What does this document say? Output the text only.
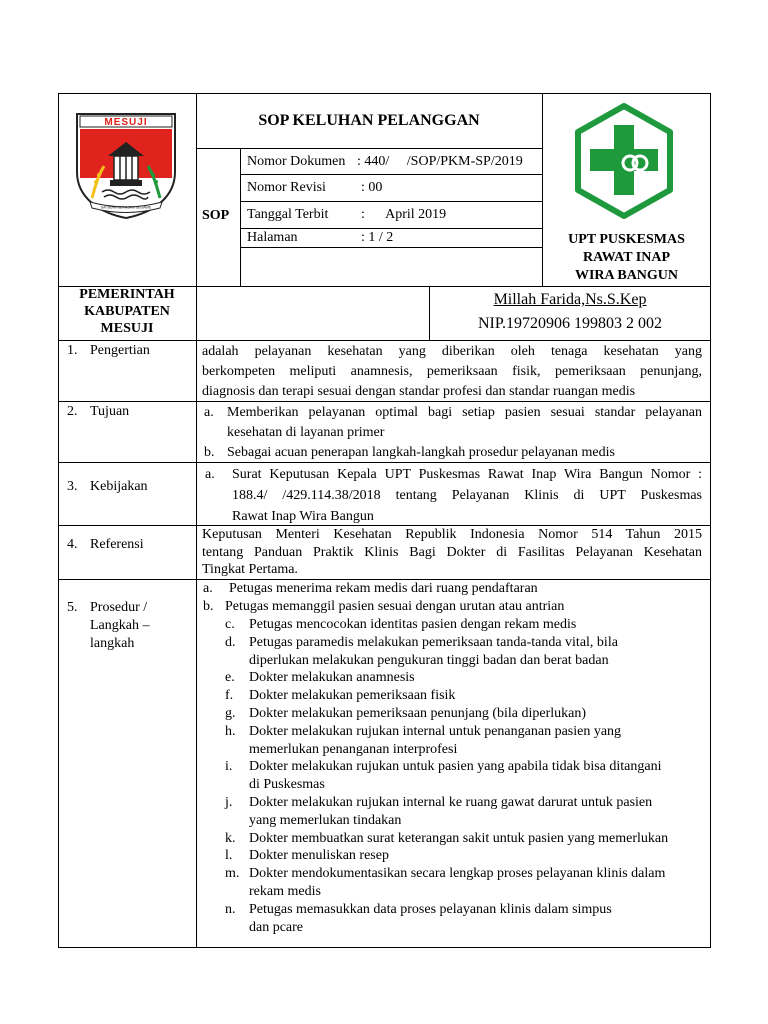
MESUJI
SAI BUMI SERASAN SEGAWE
SOP KELUHAN PELANGGAN
SOP
Nomor Dokumen : 440/     /SOP/PKM-SP/2019
Nomor Revisi	: 00
Tanggal Terbit :      April 2019
Halaman	: 1 / 2	UPT PUSKESMAS
RAWAT INAP
WIRA BANGUN
PEMERINTAH
KABUPATEN
MESUJI
Millah Farida,Ns.S.Kep
NIP.19720906 199803 2 002
1. Pengertian	adalah pelayanan kesehatan yang diberikan oleh tenaga kesehatan yang
berkompeten meliputi anamnesis, pemeriksaan fisik, pemeriksaan penunjang,
diagnosis dan terapi sesuai dengan standar profesi dan standar ruangan medis
2. Tujuan	a. Memberikan pelayanan optimal bagi setiap pasien sesuai standar pelayanan
kesehatan di layanan primer
b. Sebagai acuan penerapan langkah-langkah prosedur pelayanan medis
3. Kebijakan
a. Surat Keputusan Kepala UPT Puskesmas Rawat Inap Wira Bangun Nomor :
188.4/ /429.114.38/2018 tentang Pelayanan Klinis di UPT Puskesmas
Rawat Inap Wira Bangun
4. Referensi
Keputusan Menteri Kesehatan Republik Indonesia Nomor 514 Tahun 2015
tentang Panduan Praktik Klinis Bagi Dokter di Fasilitas Pelayanan Kesehatan
Tingkat Pertama.
5. Prosedur /
Langkah –
langkah
a. Petugas menerima rekam medis dari ruang pendaftaran
b. Petugas memanggil pasien sesuai dengan urutan atau antrian
c.	Petugas mencocokan identitas pasien dengan rekam medis
d. Petugas paramedis melakukan pemeriksaan tanda-tanda vital, bila
diperlukan melakukan pengukuran tinggi badan dan berat badan
e.	Dokter melakukan anamnesis
f.	Dokter melakukan pemeriksaan fisik
g. Dokter melakukan pemeriksaan penunjang (bila diperlukan)
h. Dokter melakukan rujukan internal untuk penanganan pasien yang
memerlukan penanganan interprofesi
i.	Dokter melakukan rujukan untuk pasien yang apabila tidak bisa ditangani
di Puskesmas
j.	Dokter melakukan rujukan internal ke ruang gawat darurat untuk pasien
yang memerlukan tindakan
k. Dokter membuatkan surat keterangan sakit untuk pasien yang memerlukan
l.	Dokter menuliskan resep
m. Dokter mendokumentasikan secara lengkap proses pelayanan klinis dalam
rekam medis
n. Petugas memasukkan data proses pelayanan klinis dalam simpus
dan pcare
